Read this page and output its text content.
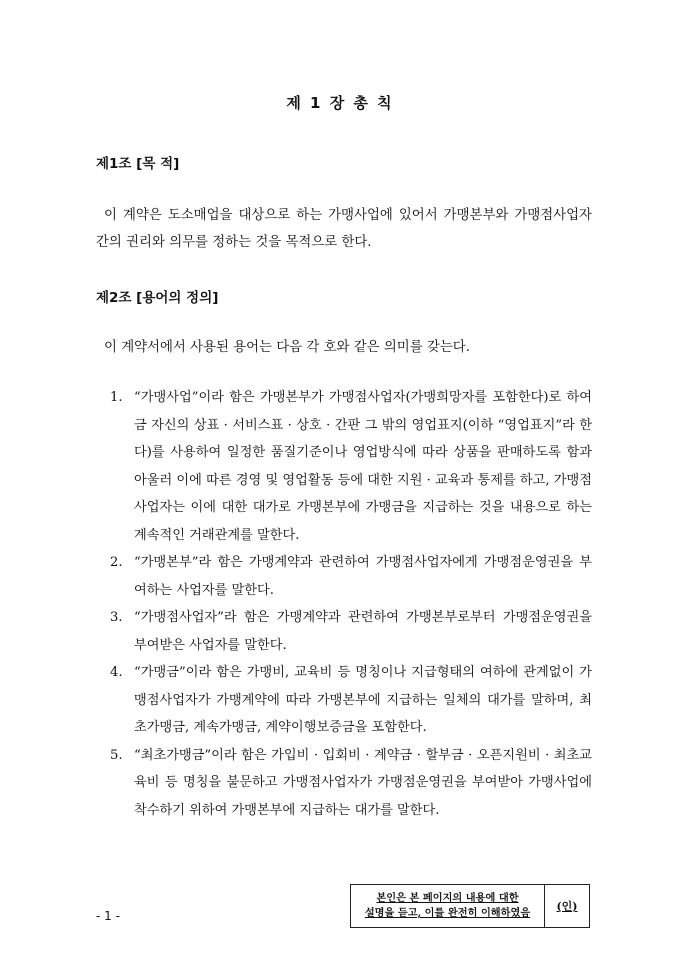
제 1 장 총 칙
제1조 [목 적]
이 계약은 도소매업을 대상으로 하는 가맹사업에 있어서 가맹본부와 가맹점사업자 간의 권리와 의무를 정하는 것을 목적으로 한다.
제2조 [용어의 정의]
이 계약서에서 사용된 용어는 다음 각 호와 같은 의미를 갖는다.
1. “가맹사업”이라 함은 가맹본부가 가맹점사업자(가맹희망자를 포함한다)로 하여금 자신의 상표 · 서비스표 · 상호 · 간판 그 밖의 영업표지(이하 “영업표지”라 한다)를 사용하여 일정한 품질기준이나 영업방식에 따라 상품을 판매하도록 함과 아울러 이에 따른 경영 및 영업활동 등에 대한 지원 · 교육과 통제를 하고, 가맹점사업자는 이에 대한 대가로 가맹본부에 가맹금을 지급하는 것을 내용으로 하는 계속적인 거래관계를 말한다.
2. “가맹본부”라 함은 가맹계약과 관련하여 가맹점사업자에게 가맹점운영권을 부여하는 사업자를 말한다.
3. “가맹점사업자”라 함은 가맹계약과 관련하여 가맹본부로부터 가맹점운영권을 부여받은 사업자를 말한다.
4. “가맹금”이라 함은 가맹비, 교육비 등 명칭이나 지급형태의 여하에 관계없이 가맹점사업자가 가맹계약에 따라 가맹본부에 지급하는 일체의 대가를 말하며, 최초가맹금, 계속가맹금, 계약이행보증금을 포함한다.
5. “최초가맹금”이라 함은 가입비 · 입회비 · 계약금 · 할부금 · 오픈지원비 · 최초교육비 등 명칭을 불문하고 가맹점사업자가 가맹점운영권을 부여받아 가맹사업에 착수하기 위하여 가맹본부에 지급하는 대가를 말한다.
- 1 -
본인은 본 페이지의 내용에 대한
설명을 듣고, 이를 완전히 이해하였음	(인)
